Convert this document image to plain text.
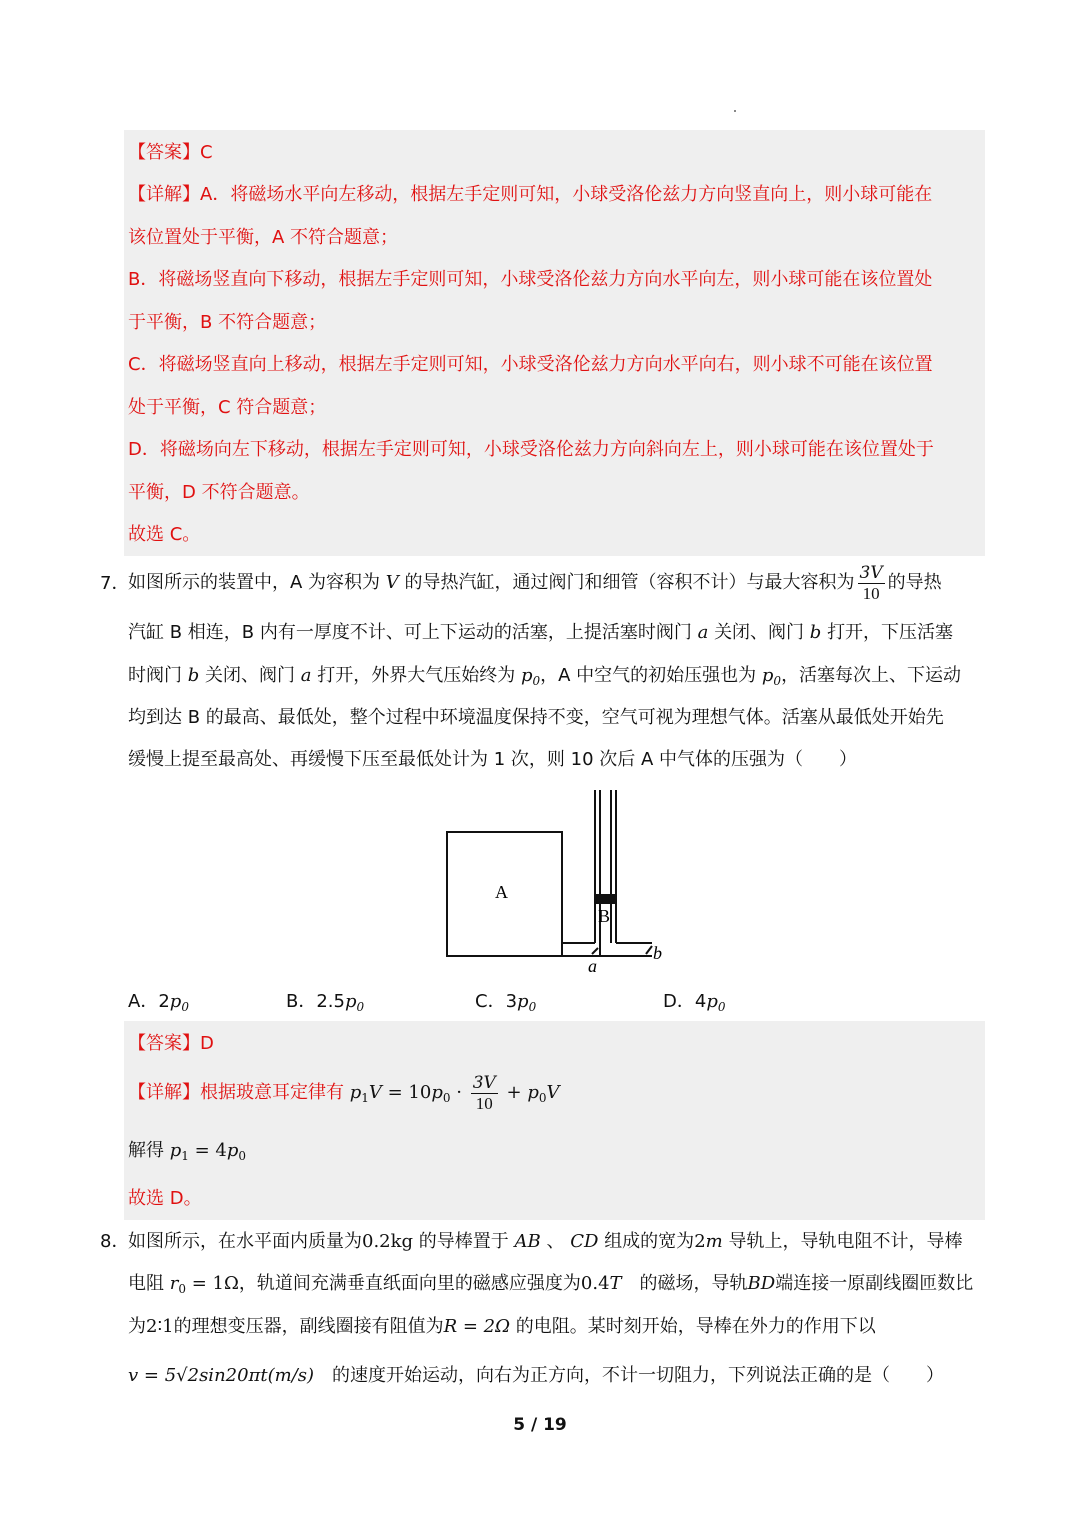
【答案】C
【详解】A．将磁场水平向左移动，根据左手定则可知，小球受洛伦兹力方向竖直向上，则小球可能在
该位置处于平衡，A 不符合题意；
B．将磁场竖直向下移动，根据左手定则可知，小球受洛伦兹力方向水平向左，则小球可能在该位置处
于平衡，B 不符合题意；
C．将磁场竖直向上移动，根据左手定则可知，小球受洛伦兹力方向水平向右，则小球不可能在该位置
处于平衡，C 符合题意；
D．将磁场向左下移动，根据左手定则可知，小球受洛伦兹力方向斜向左上，则小球可能在该位置处于
平衡，D 不符合题意。
故选 C。
7．
如图所示的装置中，A 为容积为 V 的导热汽缸，通过阀门和细管（容积不计）与最大容积为 $\frac{3V}{10}$ 的导热
汽缸 B 相连，B 内有一厚度不计、可上下运动的活塞，上提活塞时阀门 a 关闭、阀门 b 打开，下压活塞
时阀门 b 关闭、阀门 a 打开，外界大气压始终为 $p_0$，A 中空气的初始压强也为 $p_0$，活塞每次上、下运动
均到达 B 的最高、最低处，整个过程中环境温度保持不变，空气可视为理想气体。活塞从最低处开始先
缓慢上提至最高处、再缓慢下压至最低处计为 1 次，则 10 次后 A 中气体的压强为（　　）
A
B
a
b
A．$2p_0$	B．$2.5p_0$	C．$3p_0$	D．$4p_0$
【答案】D
【详解】根据玻意耳定律有 $p_1V = 10p_0 \cdot \frac{3V}{10} + p_0V$
解得 $p_1 = 4p_0$
故选 D。
8．
如图所示，在水平面内质量为0.2kg 的导棒置于 AB 、 CD 组成的宽为2m 导轨上，导轨电阻不计，导棒
电阻 $r_0 = 1\Omega$，轨道间充满垂直纸面向里的磁感应强度为0.4T　的磁场，导轨BD端连接一原副线圈匝数比
为2∶1的理想变压器，副线圈接有阻值为R = 2Ω 的电阻。某时刻开始，导棒在外力的作用下以
v = 5√2sin20πt(m/s)　 的速度开始运动，向右为正方向，不计一切阻力，下列说法正确的是（　　）
5 / 19
